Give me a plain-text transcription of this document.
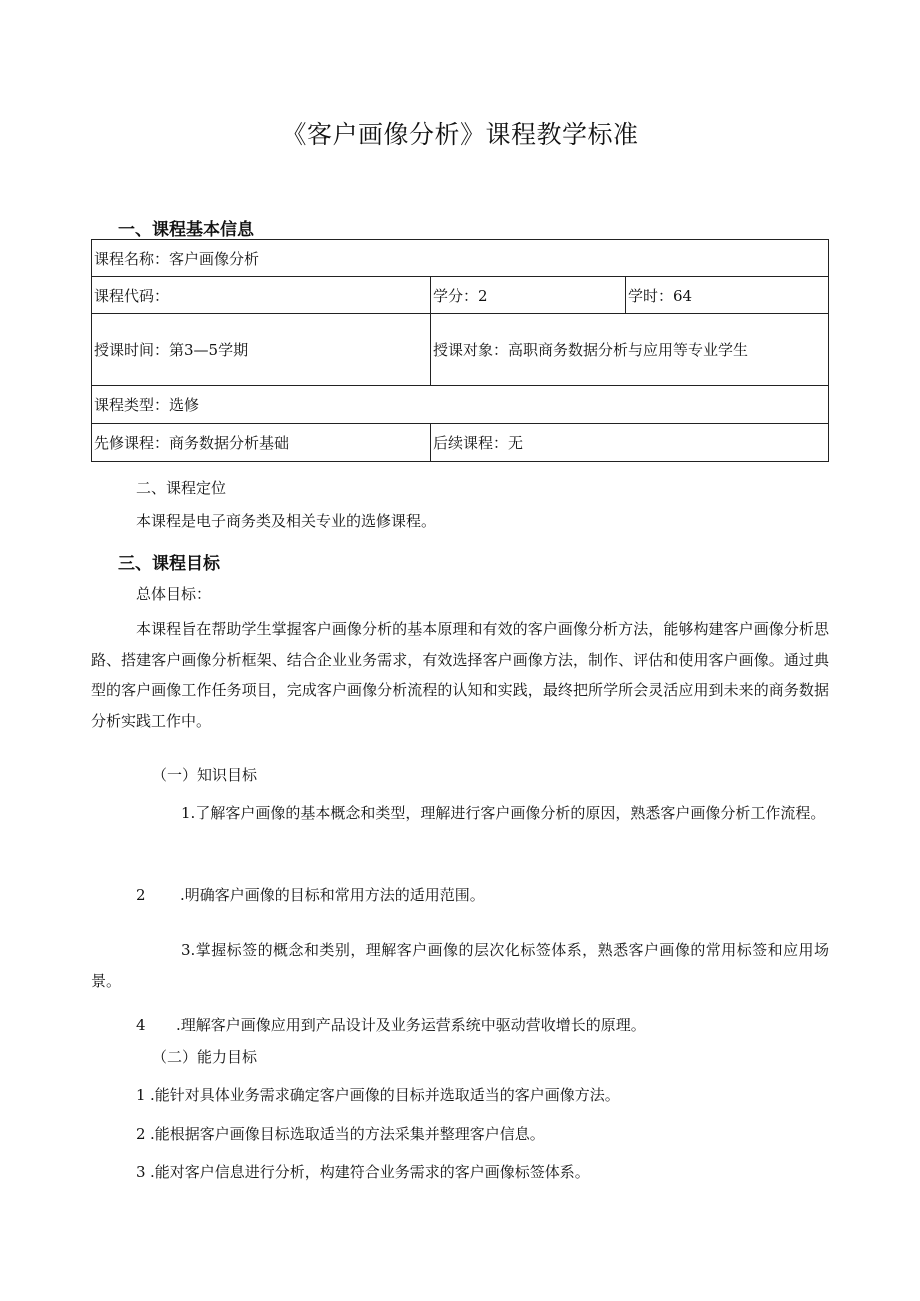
《客户画像分析》课程教学标准
一、课程基本信息
课程名称：客户画像分析		
课程代码：	学分：2	学时：64
授课时间：第3—5学期	授课对象：高职商务数据分析与应用等专业学生	
课程类型：选修		
先修课程：商务数据分析基础	后续课程：无	
二、课程定位
本课程是电子商务类及相关专业的选修课程。
三、课程目标
总体目标：
本课程旨在帮助学生掌握客户画像分析的基本原理和有效的客户画像分析方法，能够构建客户画像分析思路、搭建客户画像分析框架、结合企业业务需求，有效选择客户画像方法，制作、评估和使用客户画像。通过典型的客户画像工作任务项目，完成客户画像分析流程的认知和实践，最终把所学所会灵活应用到未来的商务数据分析实践工作中。
（一）知识目标
1.了解客户画像的基本概念和类型，理解进行客户画像分析的原因，熟悉客户画像分析工作流程。
2 .明确客户画像的目标和常用方法的适用范围。
3.掌握标签的概念和类别，理解客户画像的层次化标签体系，熟悉客户画像的常用标签和应用场景。
4 .理解客户画像应用到产品设计及业务运营系统中驱动营收增长的原理。
（二）能力目标
1 .能针对具体业务需求确定客户画像的目标并选取适当的客户画像方法。
2 .能根据客户画像目标选取适当的方法采集并整理客户信息。
3 .能对客户信息进行分析，构建符合业务需求的客户画像标签体系。
